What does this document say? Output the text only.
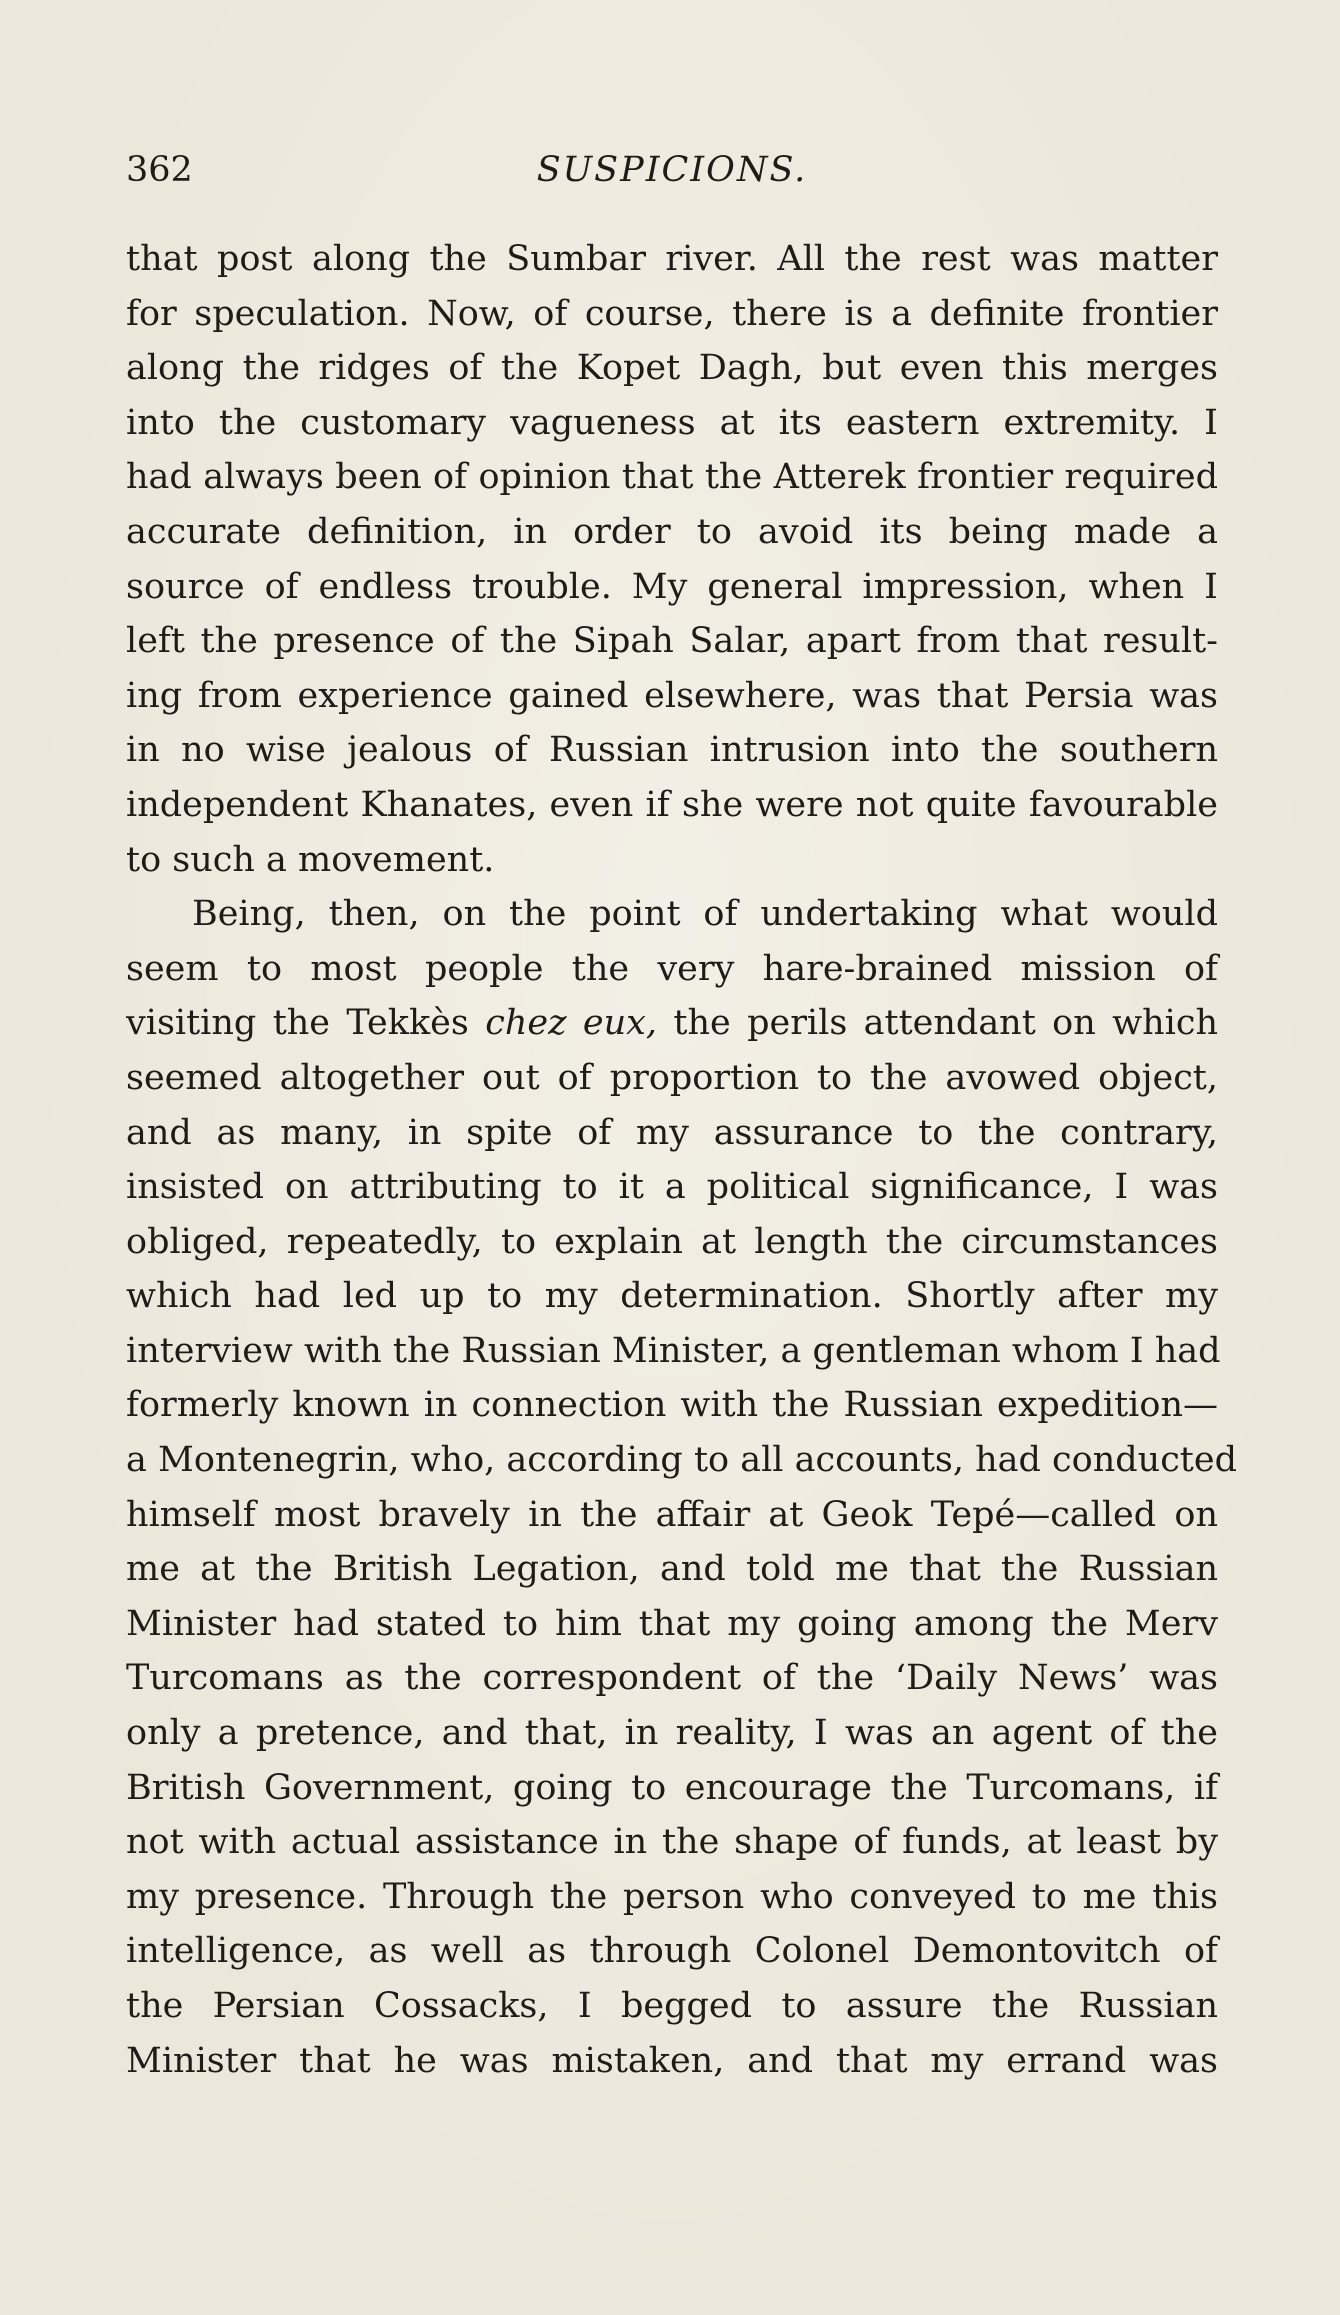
362	SUSPICIONS.
that post along the Sumbar river. All the rest was matter
for speculation. Now, of course, there is a definite frontier
along the ridges of the Kopet Dagh, but even this merges
into the customary vagueness at its eastern extremity. I
had always been of opinion that the Atterek frontier required
accurate definition, in order to avoid its being made a
source of endless trouble. My general impression, when I
left the presence of the Sipah Salar, apart from that result-
ing from experience gained elsewhere, was that Persia was
in no wise jealous of Russian intrusion into the southern
independent Khanates, even if she were not quite favourable
to such a movement.
Being, then, on the point of undertaking what would
seem to most people the very hare-brained mission of
visiting the Tekkès chez eux, the perils attendant on which
seemed altogether out of proportion to the avowed object,
and as many, in spite of my assurance to the contrary,
insisted on attributing to it a political significance, I was
obliged, repeatedly, to explain at length the circumstances
which had led up to my determination. Shortly after my
interview with the Russian Minister, a gentleman whom I had
formerly known in connection with the Russian expedition—
a Montenegrin, who, according to all accounts, had conducted
himself most bravely in the affair at Geok Tepé—called on
me at the British Legation, and told me that the Russian
Minister had stated to him that my going among the Merv
Turcomans as the correspondent of the ‘Daily News’ was
only a pretence, and that, in reality, I was an agent of the
British Government, going to encourage the Turcomans, if
not with actual assistance in the shape of funds, at least by
my presence. Through the person who conveyed to me this
intelligence, as well as through Colonel Demontovitch of
the Persian Cossacks, I begged to assure the Russian
Minister that he was mistaken, and that my errand was
